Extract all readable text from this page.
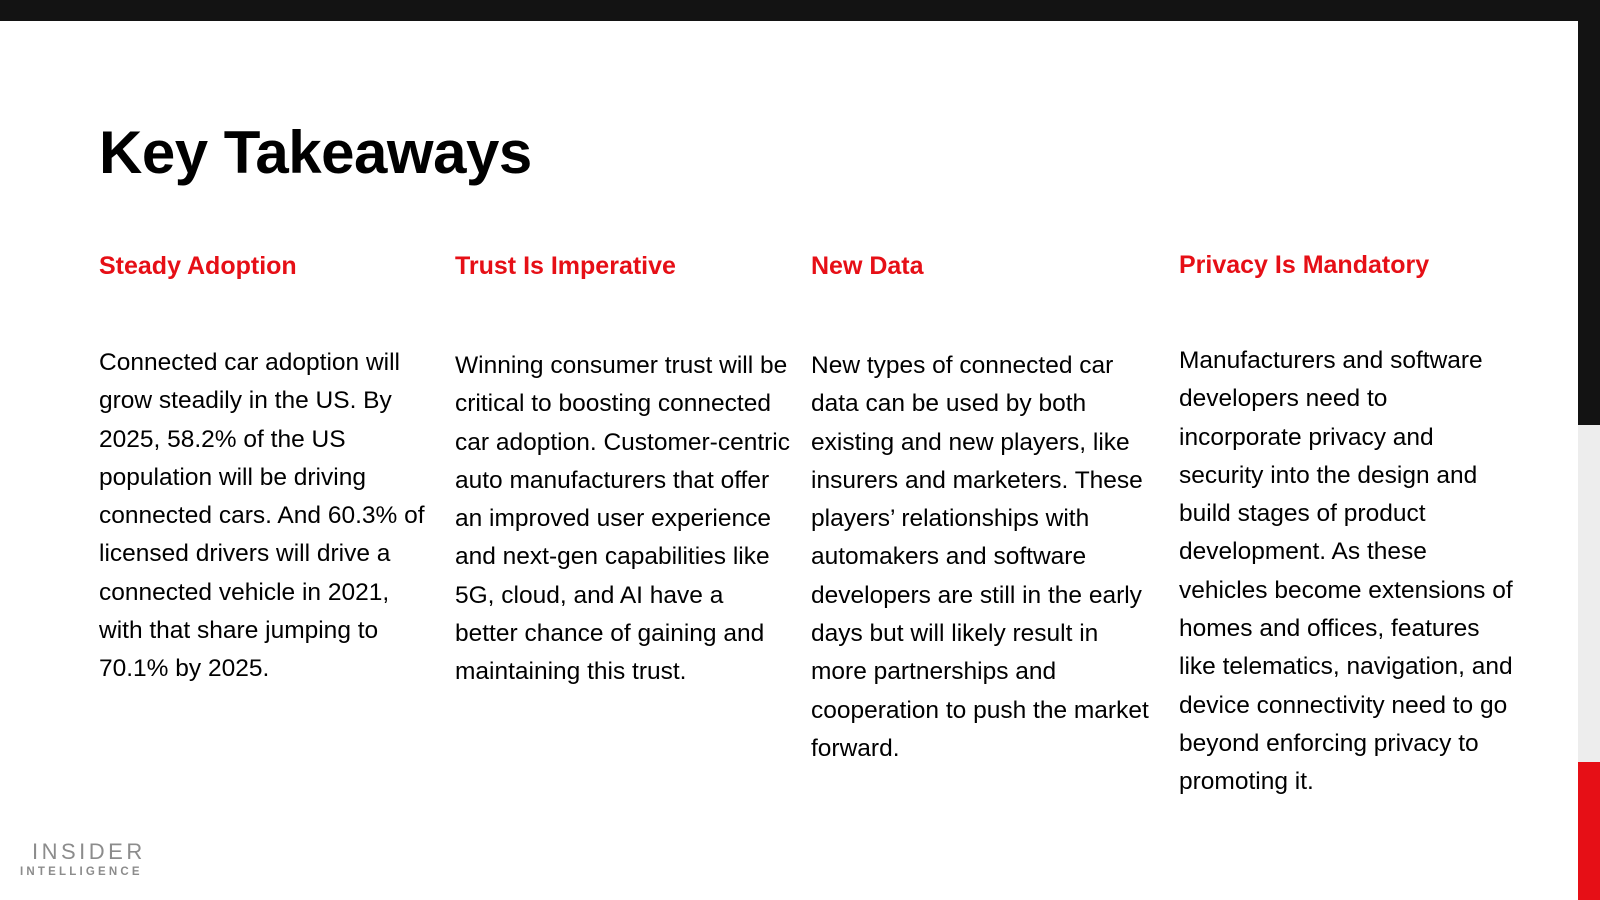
Key Takeaways
Steady Adoption

Connected car adoption will grow steadily in the US. By 2025, 58.2% of the US population will be driving connected cars. And 60.3% of licensed drivers will drive a connected vehicle in 2021, with that share jumping to 70.1% by 2025.

Trust Is Imperative

Winning consumer trust will be critical to boosting connected car adoption. Customer-centric auto manufacturers that offer an improved user experience and next-gen capabilities like 5G, cloud, and AI have a better chance of gaining and maintaining this trust.

New Data

New types of connected car data can be used by both existing and new players, like insurers and marketers. These players’ relationships with automakers and software developers are still in the early days but will likely result in more partnerships and cooperation to push the market forward.

Privacy Is Mandatory

Manufacturers and software developers need to incorporate privacy and security into the design and build stages of product development. As these vehicles become extensions of homes and offices, features like telematics, navigation, and device connectivity need to go beyond enforcing privacy to promoting it.

INSIDER
INTELLIGENCE
